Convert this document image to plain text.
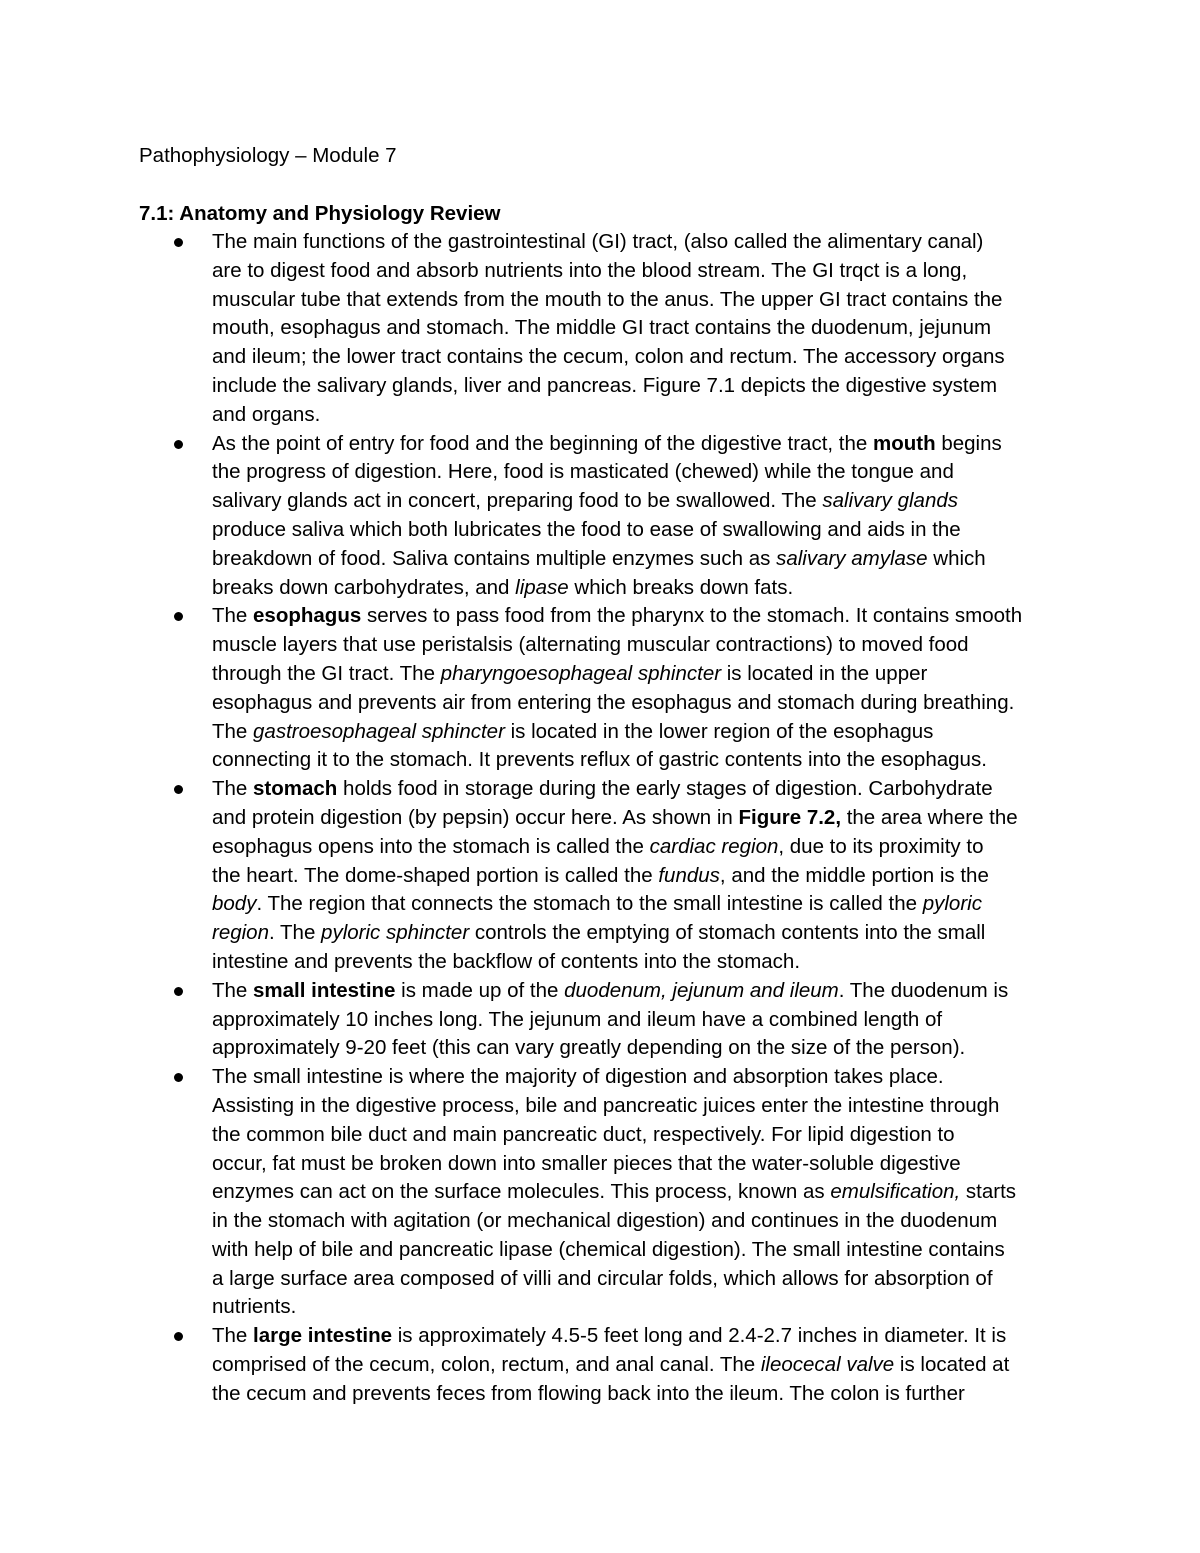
Pathophysiology – Module 7
7.1: Anatomy and Physiology Review
The main functions of the gastrointestinal (GI) tract, (also called the alimentary canal)
are to digest food and absorb nutrients into the blood stream. The GI trqct is a long,
muscular tube that extends from the mouth to the anus. The upper GI tract contains the
mouth, esophagus and stomach. The middle GI tract contains the duodenum, jejunum
and ileum; the lower tract contains the cecum, colon and rectum. The accessory organs
include the salivary glands, liver and pancreas. Figure 7.1 depicts the digestive system
and organs.
As the point of entry for food and the beginning of the digestive tract, the mouth begins
the progress of digestion. Here, food is masticated (chewed) while the tongue and
salivary glands act in concert, preparing food to be swallowed. The salivary glands
produce saliva which both lubricates the food to ease of swallowing and aids in the
breakdown of food. Saliva contains multiple enzymes such as salivary amylase which
breaks down carbohydrates, and lipase which breaks down fats.
The esophagus serves to pass food from the pharynx to the stomach. It contains smooth
muscle layers that use peristalsis (alternating muscular contractions) to moved food
through the GI tract. The pharyngoesophageal sphincter is located in the upper
esophagus and prevents air from entering the esophagus and stomach during breathing.
The gastroesophageal sphincter is located in the lower region of the esophagus
connecting it to the stomach. It prevents reflux of gastric contents into the esophagus.
The stomach holds food in storage during the early stages of digestion. Carbohydrate
and protein digestion (by pepsin) occur here. As shown in Figure 7.2, the area where the
esophagus opens into the stomach is called the cardiac region, due to its proximity to
the heart. The dome-shaped portion is called the fundus, and the middle portion is the
body. The region that connects the stomach to the small intestine is called the pyloric
region. The pyloric sphincter controls the emptying of stomach contents into the small
intestine and prevents the backflow of contents into the stomach.
The small intestine is made up of the duodenum, jejunum and ileum. The duodenum is
approximately 10 inches long. The jejunum and ileum have a combined length of
approximately 9-20 feet (this can vary greatly depending on the size of the person).
The small intestine is where the majority of digestion and absorption takes place.
Assisting in the digestive process, bile and pancreatic juices enter the intestine through
the common bile duct and main pancreatic duct, respectively. For lipid digestion to
occur, fat must be broken down into smaller pieces that the water-soluble digestive
enzymes can act on the surface molecules. This process, known as emulsification, starts
in the stomach with agitation (or mechanical digestion) and continues in the duodenum
with help of bile and pancreatic lipase (chemical digestion). The small intestine contains
a large surface area composed of villi and circular folds, which allows for absorption of
nutrients.
The large intestine is approximately 4.5-5 feet long and 2.4-2.7 inches in diameter. It is
comprised of the cecum, colon, rectum, and anal canal. The ileocecal valve is located at
the cecum and prevents feces from flowing back into the ileum. The colon is further
